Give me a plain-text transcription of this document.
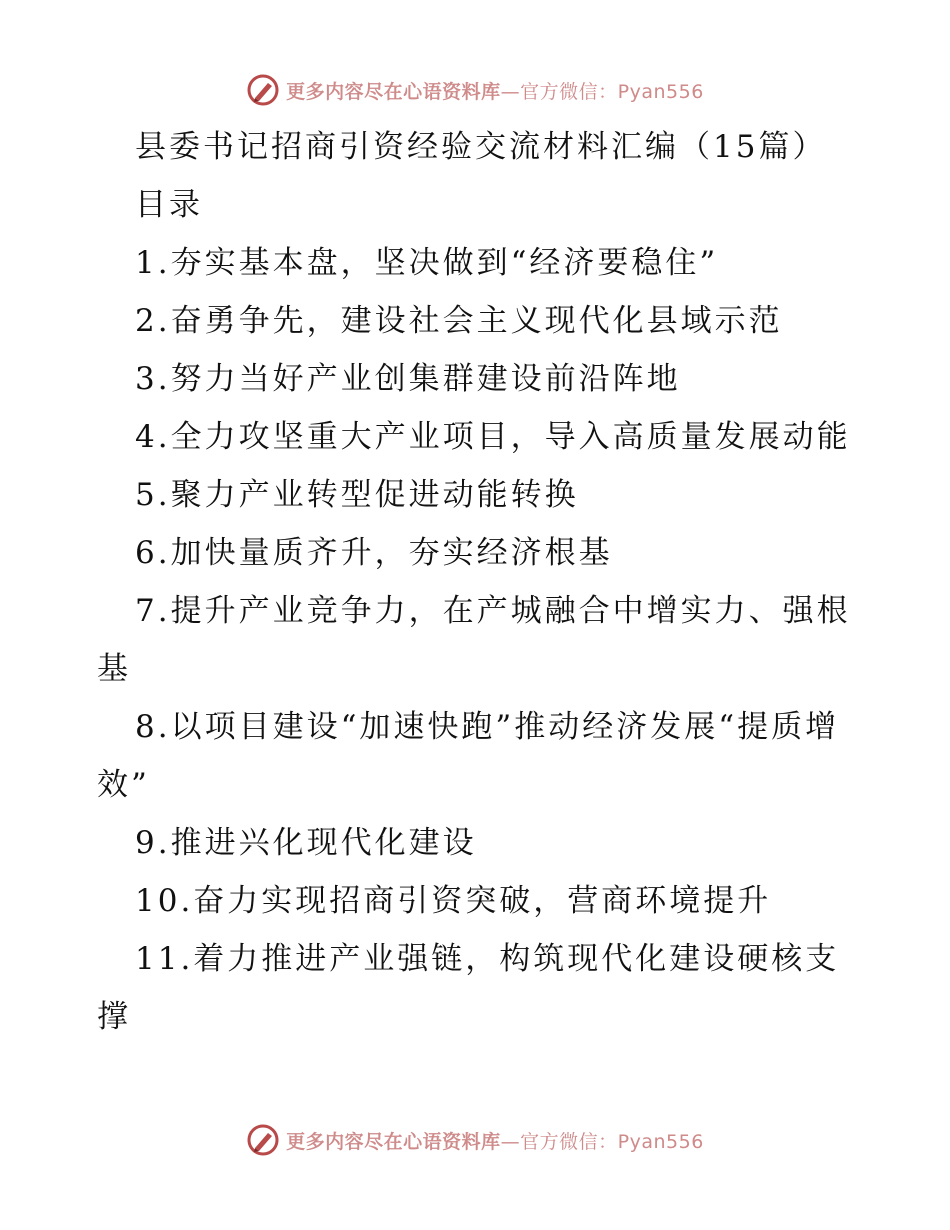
更多内容尽在心语资料库—官方微信：Pyan556

县委书记招商引资经验交流材料汇编（15篇）

目录

1.夯实基本盘，坚决做到“经济要稳住”

2.奋勇争先，建设社会主义现代化县域示范

3.努力当好产业创集群建设前沿阵地

4.全力攻坚重大产业项目，导入高质量发展动能

5.聚力产业转型促进动能转换

6.加快量质齐升，夯实经济根基

7.提升产业竞争力，在产城融合中增实力、强根基

8.以项目建设“加速快跑”推动经济发展“提质增效”

9.推进兴化现代化建设

10.奋力实现招商引资突破，营商环境提升

11.着力推进产业强链，构筑现代化建设硬核支撑

更多内容尽在心语资料库—官方微信：Pyan556
